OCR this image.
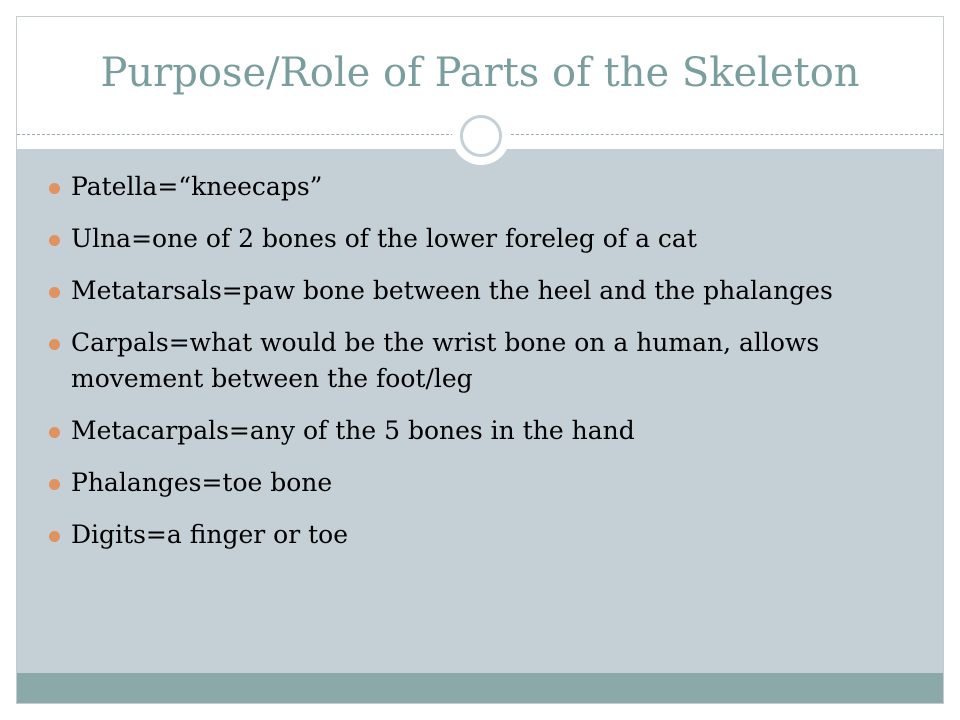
Purpose/Role of Parts of the Skeleton
Patella=“kneecaps”
Ulna=one of 2 bones of the lower foreleg of a cat
Metatarsals=paw bone between the heel and the phalanges
Carpals=what would be the wrist bone on a human, allows movement between the foot/leg
Metacarpals=any of the 5 bones in the hand
Phalanges=toe bone
Digits=a finger or toe
